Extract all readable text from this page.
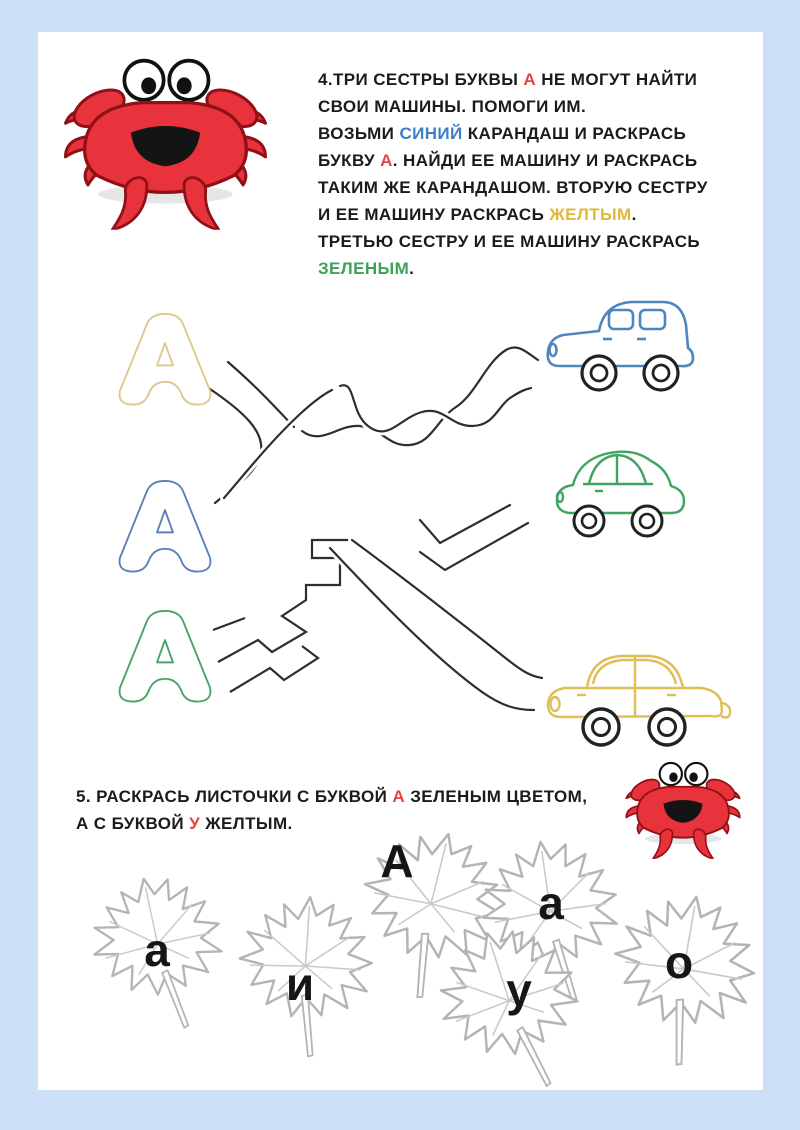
4.ТРИ СЕСТРЫ БУКВЫ А НЕ МОГУТ НАЙТИ
СВОИ МАШИНЫ. ПОМОГИ ИМ.
ВОЗЬМИ СИНИЙ КАРАНДАШ И РАСКРАСЬ
БУКВУ А. НАЙДИ ЕЕ МАШИНУ И РАСКРАСЬ
ТАКИМ ЖЕ КАРАНДАШОМ. ВТОРУЮ СЕСТРУ
И ЕЕ МАШИНУ РАСКРАСЬ ЖЕЛТЫМ.
ТРЕТЬЮ СЕСТРУ И ЕЕ МАШИНУ РАСКРАСЬ
ЗЕЛЕНЫМ.
5. РАСКРАСЬ ЛИСТОЧКИ С БУКВОЙ А ЗЕЛЕНЫМ ЦВЕТОМ,
А С БУКВОЙ У ЖЕЛТЫМ.
а
и
А
а
у
о
